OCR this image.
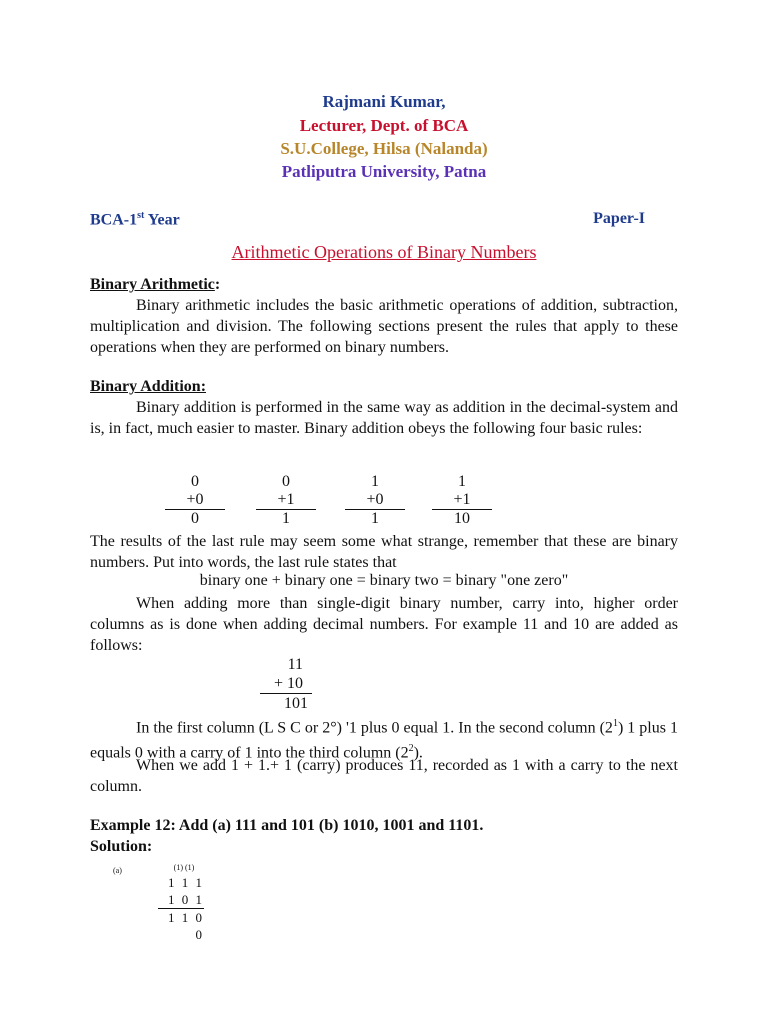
Rajmani Kumar,
Lecturer, Dept. of BCA
S.U.College, Hilsa (Nalanda)
Patliputra University, Patna
BCA-1st Year	Paper-I
Arithmetic Operations of Binary Numbers
Binary Arithmetic:

Binary arithmetic includes the basic arithmetic operations of addition, subtraction, multiplication and division. The following sections present the rules that apply to these operations when they are performed on binary numbers.

Binary Addition:

Binary addition is performed in the same way as addition in the decimal-system and is, in fact, much easier to master. Binary addition obeys the following four basic rules:

0
+0
0
0
+1
1
1
+0
1
1
+1
10

The results of the last rule may seem some what strange, remember that these are binary numbers. Put into words, the last rule states that

binary one + binary one = binary two = binary "one zero"

When adding more than single-digit binary number, carry into, higher order columns as is done when adding decimal numbers. For example 11 and 10 are added as follows:

11
+ 10
101

In the first column (L S C or 2°) '1 plus 0 equal 1. In the second column $(2^1)$ 1 plus 1 equals 0 with a carry of 1 into the third column $(2^2)$.

When we add 1 + 1.+ 1 (carry) produces 11, recorded as 1 with a carry to the next column.

Example 12: Add (a) 111 and 101 (b) 1010, 1001 and 1101.
Solution:
(a)	(1) (1)
1 1 1
1 0 1
1 1 0 0
